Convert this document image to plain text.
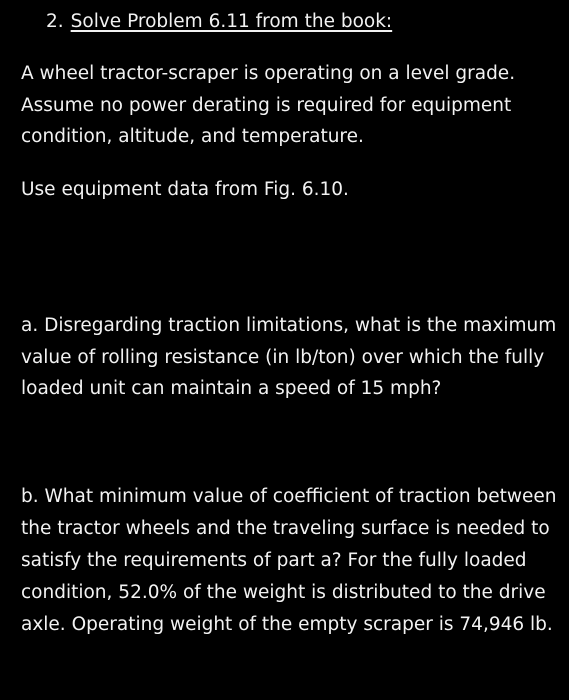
2. Solve Problem 6.11 from the book:

A wheel tractor-scraper is operating on a level grade. Assume no power derating is required for equipment condition, altitude, and temperature.

Use equipment data from Fig. 6.10.

a. Disregarding traction limitations, what is the maximum value of rolling resistance (in lb/ton) over which the fully loaded unit can maintain a speed of 15 mph?

b. What minimum value of coefficient of traction between the tractor wheels and the traveling surface is needed to satisfy the requirements of part a? For the fully loaded condition, 52.0% of the weight is distributed to the drive axle. Operating weight of the empty scraper is 74,946 lb.
